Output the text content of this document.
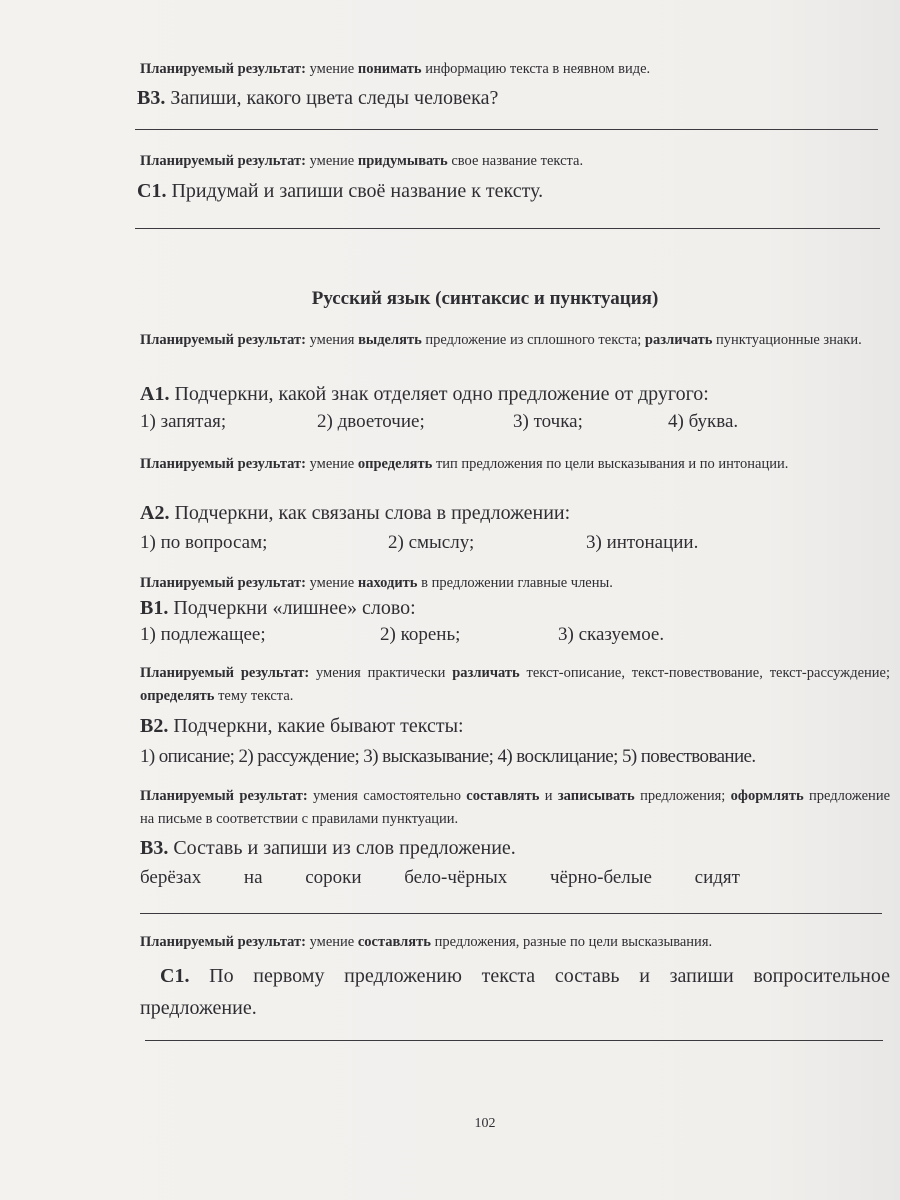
Планируемый результат: умение понимать информацию текста в неявном виде.
В3. Запиши, какого цвета следы человека?
Планируемый результат: умение придумывать свое название текста.
С1. Придумай и запиши своё название к тексту.
Русский язык (синтаксис и пунктуация)
Планируемый результат: умения выделять предложение из сплошного текста; различать пунктуационные знаки.
А1. Подчеркни, какой знак отделяет одно предложение от другого:
1) запятая;	2) двоеточие;	3) точка;	4) буква.
Планируемый результат: умение определять тип предложения по цели высказывания и по интонации.
А2. Подчеркни, как связаны слова в предложении:
1) по вопросам;	2) смыслу;	3) интонации.
Планируемый результат: умение находить в предложении главные члены.
В1. Подчеркни «лишнее» слово:
1) подлежащее;	2) корень;	3) сказуемое.
Планируемый результат: умения практически различать текст-описание, текст-повествование, текст-рассуждение; определять тему текста.
В2. Подчеркни, какие бывают тексты:
1) описание; 2) рассуждение; 3) высказывание; 4) восклицание; 5) повествование.
Планируемый результат: умения самостоятельно составлять и записывать предложения; оформлять предложение на письме в соответствии с правилами пунктуации.
В3. Составь и запиши из слов предложение.
берёзах на сороки бело-чёрных чёрно-белые сидят
Планируемый результат: умение составлять предложения, разные по цели высказывания.
С1. По первому предложению текста составь и запиши вопросительное предложение.
102
